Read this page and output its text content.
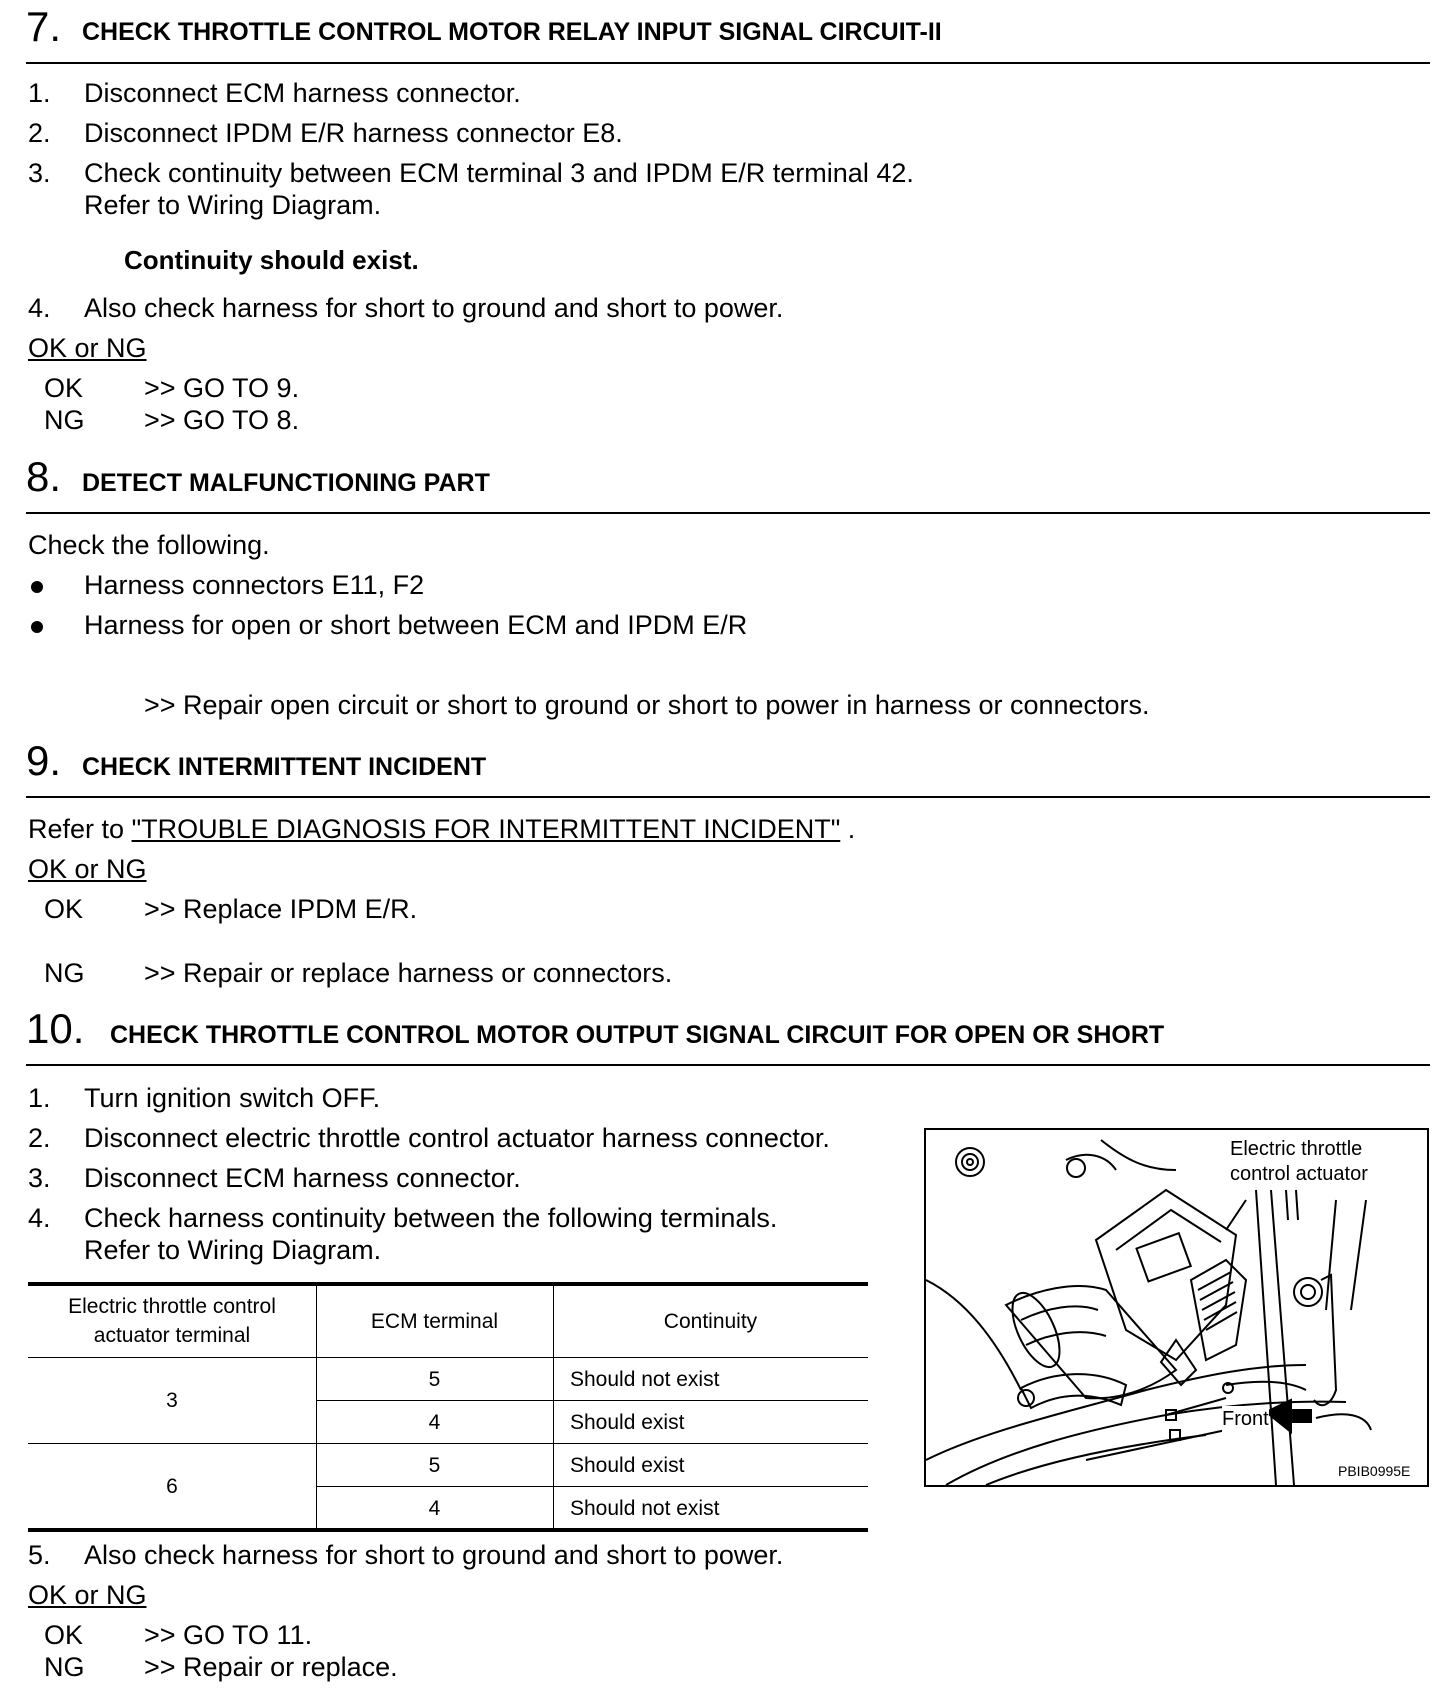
7. CHECK THROTTLE CONTROL MOTOR RELAY INPUT SIGNAL CIRCUIT-II
1. Disconnect ECM harness connector.
2. Disconnect IPDM E/R harness connector E8.
3. Check continuity between ECM terminal 3 and IPDM E/R terminal 42.
Refer to Wiring Diagram.
Continuity should exist.
4. Also check harness for short to ground and short to power.
OK or NG
OK >> GO TO 9.
NG >> GO TO 8.
8. DETECT MALFUNCTIONING PART
Check the following.
Harness connectors E11, F2
Harness for open or short between ECM and IPDM E/R
>> Repair open circuit or short to ground or short to power in harness or connectors.
9. CHECK INTERMITTENT INCIDENT
Refer to "TROUBLE DIAGNOSIS FOR INTERMITTENT INCIDENT" .
OK or NG
OK >> Replace IPDM E/R.
NG >> Repair or replace harness or connectors.
10. CHECK THROTTLE CONTROL MOTOR OUTPUT SIGNAL CIRCUIT FOR OPEN OR SHORT
1. Turn ignition switch OFF.
2. Disconnect electric throttle control actuator harness connector.
3. Disconnect ECM harness connector.
4. Check harness continuity between the following terminals.
Refer to Wiring Diagram.
Electric throttle control
actuator terminal
ECM terminal	Continuity
3
5	Should not exist
4	Should exist
6
5	Should exist
4	Should not exist
5. Also check harness for short to ground and short to power.
OK or NG
OK >> GO TO 11.
NG >> Repair or replace.
Electric throttle
control actuator
Front
PBIB0995E
